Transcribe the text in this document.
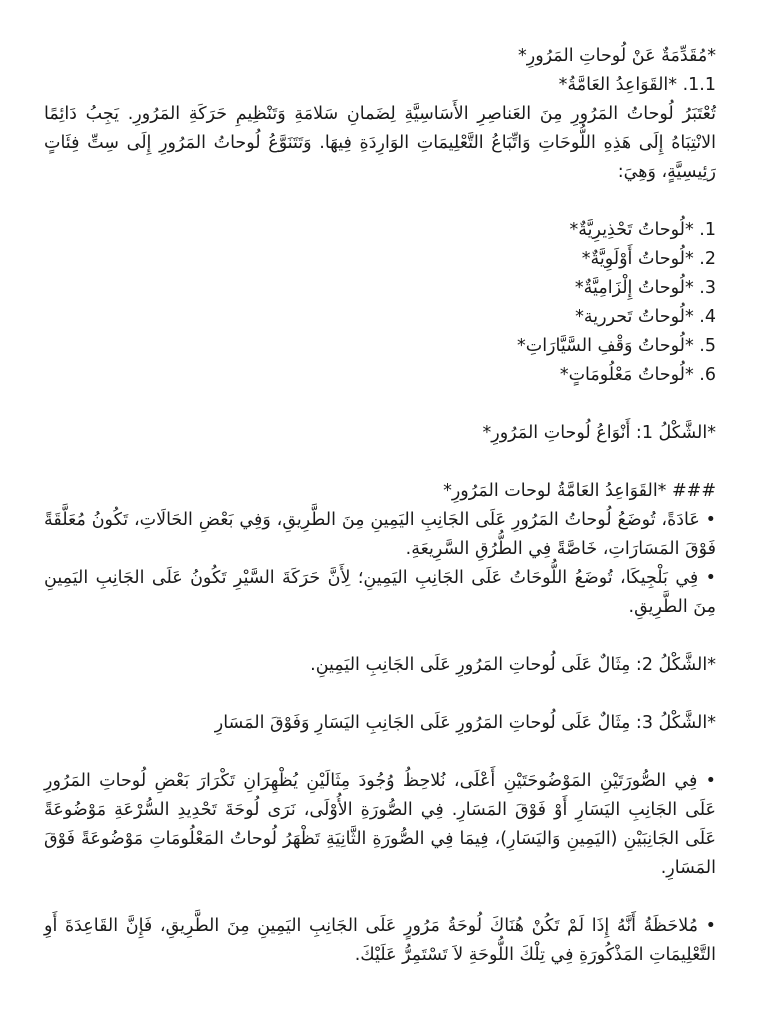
*مُقَدِّمَةٌ عَنْ لُوحاتِ المَرُورِ*

1.1. *القَوَاعِدُ العَامَّةُ*

تُعْتَبَرُ لُوحاتُ المَرُورِ مِنَ العَناصِرِ الأَسَاسِيَّةِ لِضَمانِ سَلامَةِ وَتَنْظِيمِ حَرَكَةِ المَرُورِ. يَجِبُ دَائِمًا الانْتِبَاهُ إِلَى هَذِهِ اللُّوحَاتِ وَاتِّبَاعُ التَّعْلِيمَاتِ الوَارِدَةِ فِيهَا. وَتَتَنَوَّعُ لُوحاتُ المَرُورِ إِلَى سِتِّ فِئَاتٍ رَئِيسِيَّةٍ، وَهِيَ:

1. *لُوحاتُ تَحْذِيرِيَّةٌ*
2. *لُوحاتُ أَوْلَوِيَّةٌ*
3. *لُوحاتُ إِلْزَامِيَّةٌ*
4. *لُوحاتُ تَحررية*
5. *لُوحاتُ وَقْفِ السَّيَّارَاتِ*
6. *لُوحاتُ مَعْلُومَاتٍ*

*الشَّكْلُ 1: أَنْوَاعُ لُوحاتِ المَرُورِ*

### *القَوَاعِدُ العَامَّةُ لوحات المَرُورِ*

• عَادَةً، تُوضَعُ لُوحاتُ المَرُورِ عَلَى الجَانِبِ اليَمِينِ مِنَ الطَّرِيقِ، وَفِي بَعْضِ الحَالَاتِ، تَكُونُ مُعَلَّقَةً فَوْقَ المَسَارَاتِ، خَاصَّةً فِي الطُّرُقِ السَّرِيعَةِ.

• فِي بَلْجِيكَا، تُوضَعُ اللُّوحَاتُ عَلَى الجَانِبِ اليَمِينِ؛ لِأَنَّ حَرَكَةَ السَّيْرِ تَكُونُ عَلَى الجَانِبِ اليَمِينِ مِنَ الطَّرِيقِ.

*الشَّكْلُ 2: مِثَالٌ عَلَى لُوحاتِ المَرُورِ عَلَى الجَانِبِ اليَمِينِ.

*الشَّكْلُ 3: مِثَالٌ عَلَى لُوحاتِ المَرُورِ عَلَى الجَانِبِ اليَسَارِ وَفَوْقَ المَسَارِ

• فِي الصُّورَتَيْنِ المَوْضُوحَتَيْنِ أَعْلَى، نُلاحِظُ وُجُودَ مِثَالَيْنِ يُظْهِرَانِ تَكْرَارَ بَعْضِ لُوحاتِ المَرُورِ عَلَى الجَانِبِ اليَسَارِ أَوْ فَوْقَ المَسَارِ. فِي الصُّورَةِ الأُوْلَى، نَرَى لُوحَةَ تَحْدِيدِ السُّرْعَةِ مَوْضُوعَةً عَلَى الجَانِبَيْنِ (اليَمِينِ وَاليَسَارِ)، فِيمَا فِي الصُّورَةِ الثَّانِيَةِ تَظْهَرُ لُوحاتُ المَعْلُومَاتِ مَوْضُوعَةً فَوْقَ المَسَارِ.

• مُلاحَظَةُ أَنَّهُ إِذَا لَمْ تَكُنْ هُنَاكَ لُوحَةُ مَرُورٍ عَلَى الجَانِبِ اليَمِينِ مِنَ الطَّرِيقِ، فَإِنَّ القَاعِدَةَ أَوِ التَّعْلِيمَاتِ المَذْكُورَةِ فِي تِلْكَ اللُّوحَةِ لاَ تَسْتَمِرُّ عَلَيْكَ.
